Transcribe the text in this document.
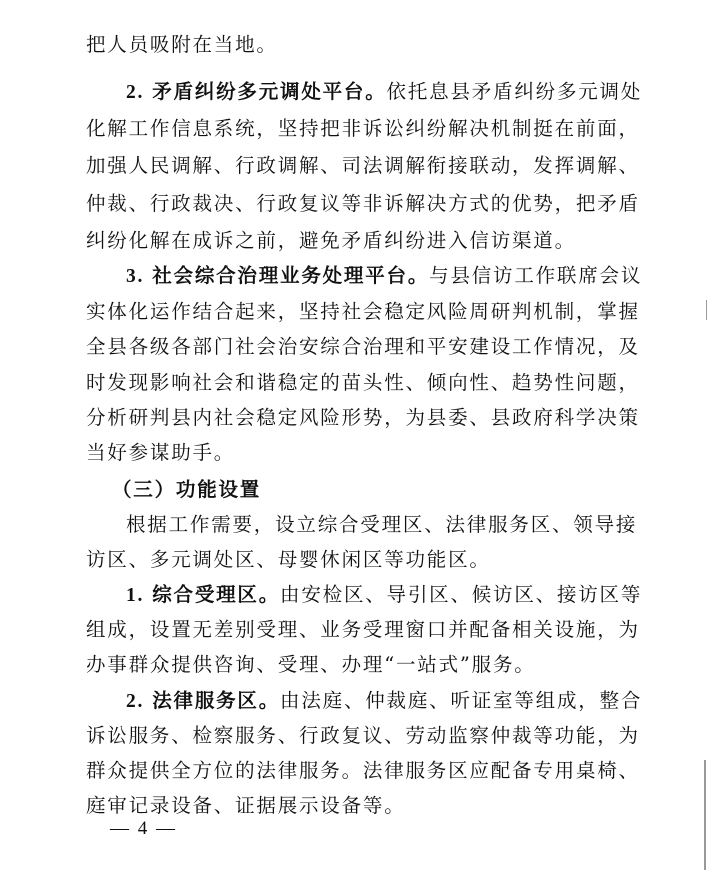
把人员吸附在当地。
2. 矛盾纠纷多元调处平台。依托息县矛盾纠纷多元调处
化解工作信息系统，坚持把非诉讼纠纷解决机制挺在前面，
加强人民调解、行政调解、司法调解衔接联动，发挥调解、
仲裁、行政裁决、行政复议等非诉解决方式的优势，把矛盾
纠纷化解在成诉之前，避免矛盾纠纷进入信访渠道。
3. 社会综合治理业务处理平台。与县信访工作联席会议
实体化运作结合起来，坚持社会稳定风险周研判机制，掌握
全县各级各部门社会治安综合治理和平安建设工作情况，及
时发现影响社会和谐稳定的苗头性、倾向性、趋势性问题，
分析研判县内社会稳定风险形势，为县委、县政府科学决策
当好参谋助手。
（三）功能设置
根据工作需要，设立综合受理区、法律服务区、领导接
访区、多元调处区、母婴休闲区等功能区。
1. 综合受理区。由安检区、导引区、候访区、接访区等
组成，设置无差别受理、业务受理窗口并配备相关设施，为
办事群众提供咨询、受理、办理“一站式”服务。
2. 法律服务区。由法庭、仲裁庭、听证室等组成，整合
诉讼服务、检察服务、行政复议、劳动监察仲裁等功能，为
群众提供全方位的法律服务。法律服务区应配备专用桌椅、
庭审记录设备、证据展示设备等。
— 4 —
